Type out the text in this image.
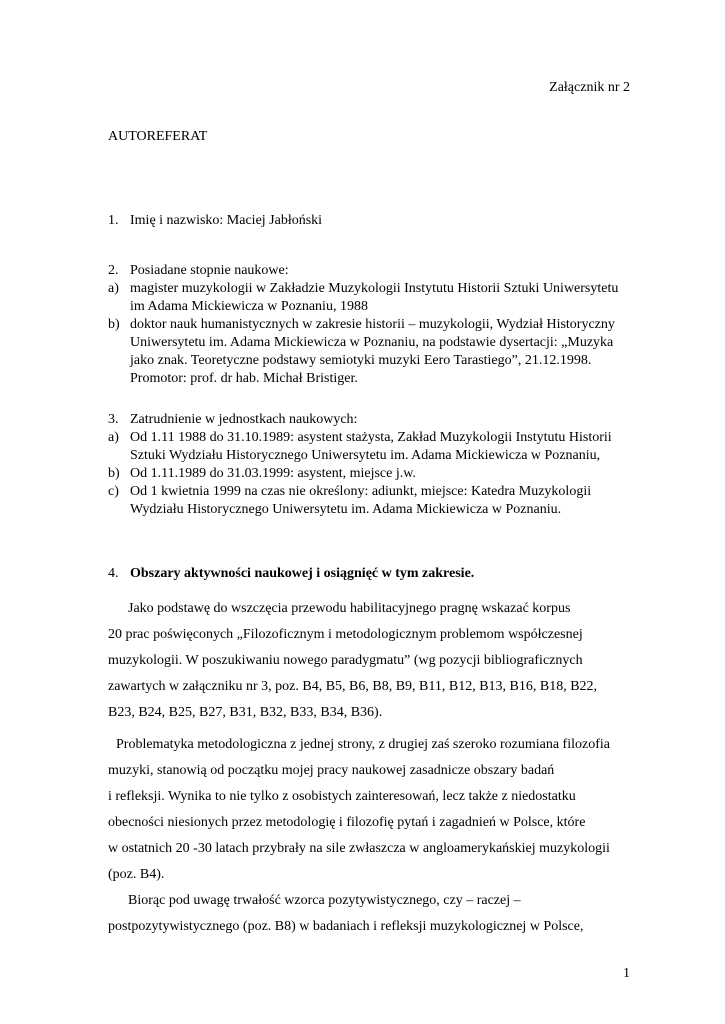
Załącznik nr 2
AUTOREFERAT
1. Imię i nazwisko: Maciej Jabłoński
2. Posiadane stopnie naukowe:
a) magister muzykologii w Zakładzie Muzykologii Instytutu Historii Sztuki Uniwersytetu
im Adama Mickiewicza w Poznaniu, 1988
b) doktor nauk humanistycznych w zakresie historii – muzykologii, Wydział Historyczny
Uniwersytetu im. Adama Mickiewicza w Poznaniu, na podstawie dysertacji: „Muzyka
jako znak. Teoretyczne podstawy semiotyki muzyki Eero Tarastiego”, 21.12.1998.
Promotor: prof. dr hab. Michał Bristiger.
3. Zatrudnienie w jednostkach naukowych:
a) Od 1.11 1988 do 31.10.1989: asystent stażysta, Zakład Muzykologii Instytutu Historii
Sztuki Wydziału Historycznego Uniwersytetu im. Adama Mickiewicza w Poznaniu,
b) Od 1.11.1989 do 31.03.1999: asystent, miejsce j.w.
c) Od 1 kwietnia 1999 na czas nie określony: adiunkt, miejsce: Katedra Muzykologii
Wydziału Historycznego Uniwersytetu im. Adama Mickiewicza w Poznaniu.
4. Obszary aktywności naukowej i osiągnięć w tym zakresie.

Jako podstawę do wszczęcia przewodu habilitacyjnego pragnę wskazać korpus
20 prac poświęconych „Filozoficznym i metodologicznym problemom współczesnej
muzykologii. W poszukiwaniu nowego paradygmatu” (wg pozycji bibliograficznych
zawartych w załączniku nr 3, poz. B4, B5, B6, B8, B9, B11, B12, B13, B16, B18, B22,
B23, B24, B25, B27, B31, B32, B33, B34, B36).

Problematyka metodologiczna z jednej strony, z drugiej zaś szeroko rozumiana filozofia
muzyki, stanowią od początku mojej pracy naukowej zasadnicze obszary badań
i refleksji. Wynika to nie tylko z osobistych zainteresowań, lecz także z niedostatku
obecności niesionych przez metodologię i filozofię pytań i zagadnień w Polsce, które
w ostatnich 20 -30 latach przybrały na sile zwłaszcza w angloamerykańskiej muzykologii
(poz. B4).

Biorąc pod uwagę trwałość wzorca pozytywistycznego, czy – raczej –
postpozytywistycznego (poz. B8) w badaniach i refleksji muzykologicznej w Polsce,

1
